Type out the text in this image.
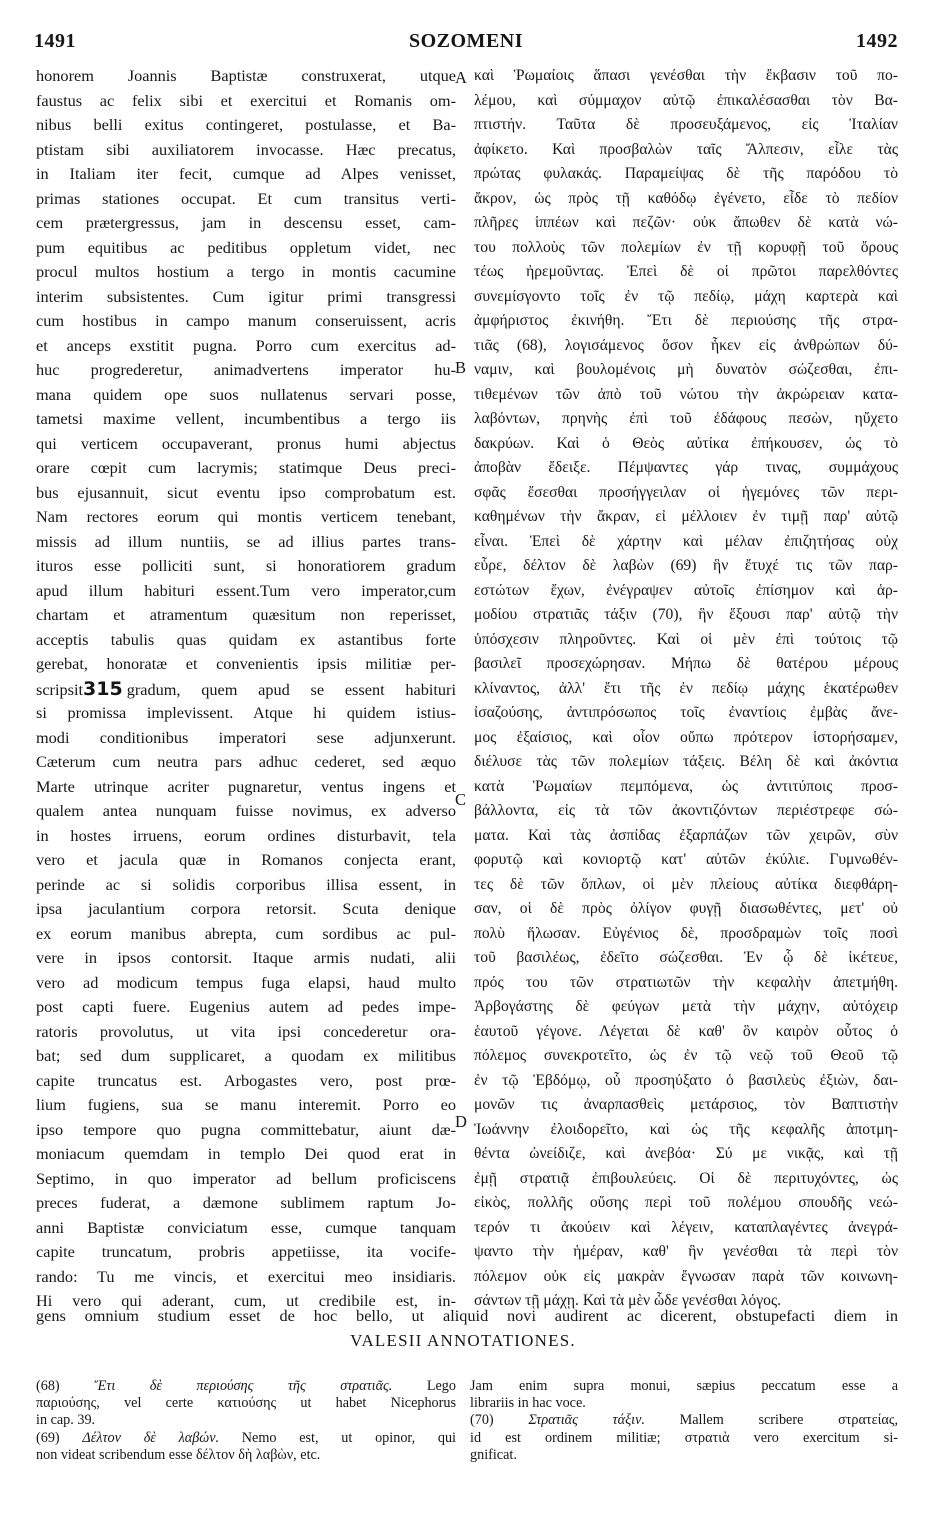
1491	SOZOMENI	1492
honorem Joannis Baptistæ construxerat, utque
faustus ac felix sibi et exercitui et Romanis om-
nibus belli exitus contingeret, postulasse, et Ba-
ptistam sibi auxiliatorem invocasse. Hæc precatus,
in Italiam iter fecit, cumque ad Alpes venisset,
primas stationes occupat. Et cum transitus verti-
cem prætergressus, jam in descensu esset, cam-
pum equitibus ac peditibus oppletum videt, nec
procul multos hostium a tergo in montis cacumine
interim subsistentes. Cum igitur primi transgressi
cum hostibus in campo manum conseruissent, acris
et anceps exstitit pugna. Porro cum exercitus ad-
huc progrederetur, animadvertens imperator hu-
mana quidem ope suos nullatenus servari posse,
tametsi maxime vellent, incumbentibus a tergo iis
qui verticem occupaverant, pronus humi abjectus
orare cœpit cum lacrymis; statimque Deus preci-
bus ejusannuit, sicut eventu ipso comprobatum est.
Nam rectores eorum qui montis verticem tenebant,
missis ad illum nuntiis, se ad illius partes trans-
ituros esse polliciti sunt, si honoratiorem gradum
apud illum habituri essent.Tum vero imperator,cum
chartam et atramentum quæsitum non reperisset,
acceptis tabulis quas quidam ex astantibus forte
gerebat, honoratæ et convenientis ipsis militiæ per-
scripsit315 gradum, quem apud se essent habituri
si promissa implevissent. Atque hi quidem istius-
modi conditionibus imperatori sese adjunxerunt.
Cæterum cum neutra pars adhuc cederet, sed æquo
Marte utrinque acriter pugnaretur, ventus ingens et
qualem antea nunquam fuisse novimus, ex adverso
in hostes irruens, eorum ordines disturbavit, tela
vero et jacula quæ in Romanos conjecta erant,
perinde ac si solidis corporibus illisa essent, in
ipsa jaculantium corpora retorsit. Scuta denique
ex eorum manibus abrepta, cum sordibus ac pul-
vere in ipsos contorsit. Itaque armis nudati, alii
vero ad modicum tempus fuga elapsi, haud multo
post capti fuere. Eugenius autem ad pedes impe-
ratoris provolutus, ut vita ipsi concederetur ora-
bat; sed dum supplicaret, a quodam ex militibus
capite truncatus est. Arbogastes vero, post prœ-
lium fugiens, sua se manu interemit. Porro eo
ipso tempore quo pugna committebatur, aiunt dæ-
moniacum quemdam in templo Dei quod erat in
Septimo, in quo imperator ad bellum proficiscens
preces fuderat, a dæmone sublimem raptum Jo-
anni Baptistæ conviciatum esse, cumque tanquam
capite truncatum, probris appetiisse, ita vocife-
rando: Tu me vincis, et exercitui meo insidiaris.
Hi vero qui aderant, cum, ut credibile est, in-
καὶ Ῥωμαίοις ἅπασι γενέσθαι τὴν ἔκβασιν τοῦ πο-
λέμου, καὶ σύμμαχον αὐτῷ ἐπικαλέσασθαι τὸν Βα-
πτιστήν. Ταῦτα δὲ προσευξάμενος, εἰς Ἰταλίαν
ἀφίκετο. Καὶ προσβαλὼν ταῖς Ἄλπεσιν, εἷλε τὰς
πρώτας φυλακάς. Παραμείψας δὲ τῆς παρόδου τὸ
ἄκρον, ὡς πρὸς τῇ καθόδῳ ἐγένετο, εἶδε τὸ πεδίον
πλῆρες ἱππέων καὶ πεζῶν· οὐκ ἄπωθεν δὲ κατὰ νώ-
του πολλοὺς τῶν πολεμίων ἐν τῇ κορυφῇ τοῦ ὄρους
τέως ἠρεμοῦντας. Ἐπεὶ δὲ οἱ πρῶτοι παρελθόντες
συνεμίσγοντο τοῖς ἐν τῷ πεδίῳ, μάχη καρτερὰ καὶ
ἀμφήριστος ἐκινήθη. Ἔτι δὲ περιούσης τῆς στρα-
τιᾶς (68), λογισάμενος ὅσον ἧκεν εἰς ἀνθρώπων δύ-
ναμιν, καὶ βουλομένοις μὴ δυνατὸν σώζεσθαι, ἐπι-
τιθεμένων τῶν ἀπὸ τοῦ νώτου τὴν ἀκρώρειαν κατα-
λαβόντων, πρηνὴς ἐπὶ τοῦ ἐδάφους πεσὼν, ηὔχετο
δακρύων. Καὶ ὁ Θεὸς αὐτίκα ἐπήκουσεν, ὡς τὸ
ἀποβὰν ἔδειξε. Πέμψαντες γάρ τινας, συμμάχους
σφᾶς ἔσεσθαι προσήγγειλαν οἱ ἡγεμόνες τῶν περι-
καθημένων τὴν ἄκραν, εἰ μέλλοιεν ἐν τιμῇ παρ' αὐτῷ
εἶναι. Ἐπεὶ δὲ χάρτην καὶ μέλαν ἐπιζητήσας οὐχ
εὗρε, δέλτον δὲ λαβὼν (69) ἣν ἔτυχέ τις τῶν παρ-
εστώτων ἔχων, ἐνέγραψεν αὐτοῖς ἐπίσημον καὶ ἁρ-
μοδίου στρατιᾶς τάξιν (70), ἣν ἕξουσι παρ' αὐτῷ τὴν
ὑπόσχεσιν πληροῦντες. Καὶ οἱ μὲν ἐπὶ τούτοις τῷ
βασιλεῖ προσεχώρησαν. Μήπω δὲ θατέρου μέρους
κλίναντος, ἀλλ' ἔτι τῆς ἐν πεδίῳ μάχης ἑκατέρωθεν
ἰσαζούσης, ἀντιπρόσωπος τοῖς ἐναντίοις ἐμβὰς ἄνε-
μος ἐξαίσιος, καὶ οἷον οὔπω πρότερον ἱστορήσαμεν,
διέλυσε τὰς τῶν πολεμίων τάξεις. Βέλη δὲ καὶ ἀκόντια
κατὰ Ῥωμαίων πεμπόμενα, ὡς ἀντιτύποις προσ-
βάλλοντα, εἰς τὰ τῶν ἀκοντιζόντων περιέστρεφε σώ-
ματα. Καὶ τὰς ἀσπίδας ἐξαρπάζων τῶν χειρῶν, σὺν
φορυτῷ καὶ κονιορτῷ κατ' αὐτῶν ἐκύλιε. Γυμνωθέν-
τες δὲ τῶν ὅπλων, οἱ μὲν πλείους αὐτίκα διεφθάρη-
σαν, οἱ δὲ πρὸς ὀλίγον φυγῇ διασωθέντες, μετ' οὐ
πολὺ ἥλωσαν. Εὐγένιος δὲ, προσδραμὼν τοῖς ποσὶ
τοῦ βασιλέως, ἐδεῖτο σώζεσθαι. Ἐν ᾧ δὲ ἱκέτευε,
πρός του τῶν στρατιωτῶν τὴν κεφαλὴν ἀπετμήθη.
Ἀρβογάστης δὲ φεύγων μετὰ τὴν μάχην, αὐτόχειρ
ἑαυτοῦ γέγονε. Λέγεται δὲ καθ' ὃν καιρὸν οὗτος ὁ
πόλεμος συνεκροτεῖτο, ὡς ἐν τῷ νεῷ τοῦ Θεοῦ τῷ
ἐν τῷ Ἑβδόμῳ, οὗ προσηύξατο ὁ βασιλεὺς ἐξιὼν, δαι-
μονῶν τις ἀναρπασθεὶς μετάρσιος, τὸν Βαπτιστὴν
Ἰωάννην ἐλοιδορεῖτο, καὶ ὡς τῆς κεφαλῆς ἀποτμη-
θέντα ὠνείδιζε, καὶ ἀνεβόα· Σύ με νικᾷς, καὶ τῇ
ἐμῇ στρατιᾷ ἐπιβουλεύεις. Οἱ δὲ περιτυχόντες, ὡς
εἰκὸς, πολλῆς οὔσης περὶ τοῦ πολέμου σπουδῆς νεώ-
τερόν τι ἀκούειν καὶ λέγειν, καταπλαγέντες ἀνεγρά-
ψαντο τὴν ἡμέραν, καθ' ἣν γενέσθαι τὰ περὶ τὸν
πόλεμον οὐκ εἰς μακρὰν ἔγνωσαν παρὰ τῶν κοινωνη-
σάντων τῇ μάχῃ. Καὶ τὰ μὲν ὧδε γενέσθαι λόγος.
A
B
C
D
gens omnium studium esset de hoc bello, ut aliquid novi audirent ac dicerent, obstupefacti diem in
VALESII ANNOTATIONES.
(68) Ἔτι δὲ περιούσης τῆς στρατιᾶς. Lego
παριούσης, vel certe κατιούσης ut habet Nicephorus
in cap. 39.
(69) Δέλτον δὲ λαβών. Nemo est, ut opinor, qui
non videat scribendum esse δέλτον δὴ λαβὼν, etc.
Jam enim supra monui, sæpius peccatum esse a
librariis in hac voce.
(70) Στρατιᾶς τάξιν. Mallem scribere στρατείας,
id est ordinem militiæ; στρατιὰ vero exercitum si-
gnificat.
